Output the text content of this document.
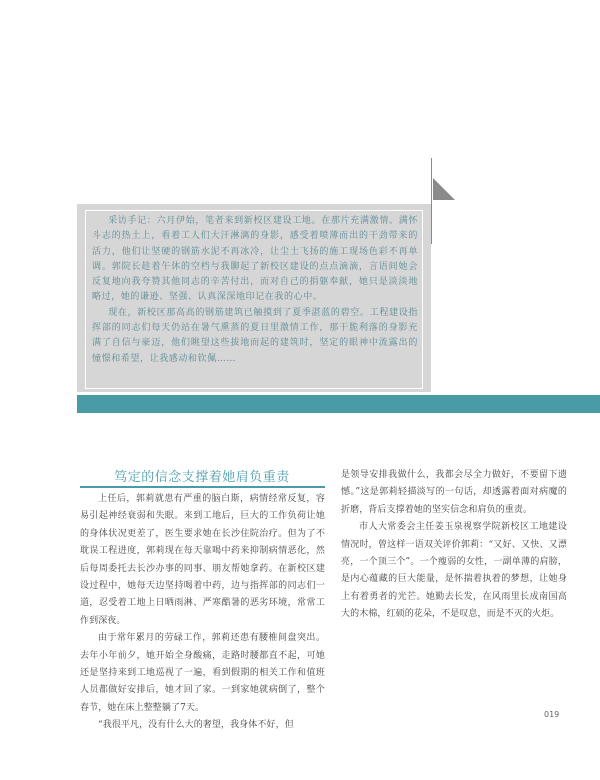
采访手记：六月伊始，笔者来到新校区建设工地。在那片充满激情、满怀斗志的热土上，看着工人们大汗淋漓的身影，感受着喷薄而出的干劲带来的活力，他们让坚硬的钢筋水泥不再冰冷，让尘土飞扬的施工现场色彩不再单调。郭院长趁着午休的空档与我聊起了新校区建设的点点滴滴，言语间她会反复地向我夸赞其他同志的辛苦付出，而对自己的捐躯奉献，她只是淡淡地略过，她的谦逊、坚强、认真深深地印记在我的心中。

现在，新校区那高高的钢筋建筑已触摸到了夏季湛蓝的碧空。工程建设指挥部的同志们每天仍站在暑气熏蒸的夏日里激情工作，那干脆利落的身影充满了自信与豪迈，他们眺望这些拔地而起的建筑时，坚定的眼神中流露出的憧憬和希望，让我感动和钦佩……

笃定的信念支撑着她肩负重责

上任后，郭莉就患有严重的脑白斯，病情经常反复，容易引起神经衰弱和失眠。来到工地后，巨大的工作负荷让她的身体状况更差了，医生要求她在长沙住院治疗。但为了不耽误工程进度，郭莉现在每天靠喝中药来抑制病情恶化，然后每周委托去长沙办事的同事、朋友帮她拿药。在新校区建设过程中，她每天边坚持喝着中药，边与指挥部的同志们一道，忍受着工地上日晒雨淋、严寒酷暑的恶劣环境，常常工作到深夜。

由于常年累月的劳碌工作，郭莉还患有腰椎间盘突出。去年小年前夕，她开始全身酸痛，走路时腰都直不起，可她还是坚持来到工地巡视了一遍，看到假期的相关工作和值班人员都做好安排后，她才回了家。一到家她就病倒了，整个春节，她在床上整整躺了7天。

“我很平凡，没有什么大的奢望，我身体不好，但

是领导安排我做什么，我都会尽全力做好，不要留下遗憾。”这是郭莉轻描淡写的一句话，却透露着面对病魔的折磨，背后支撑着她的坚实信念和肩负的重责。

市人大常委会主任姜玉泉视察学院新校区工地建设情况时，曾这样一语双关评价郭莉：“又好、又快、又漂亮，一个顶三个”。一个瘦弱的女性，一副单薄的肩膀，是内心蕴藏的巨大能量，是怀揣着执着的梦想，让她身上有着勇者的光芒。她勤去长发，在风雨里长成南国高大的木棉，红硕的花朵，不是叹息，而是不灭的火炬。

019
